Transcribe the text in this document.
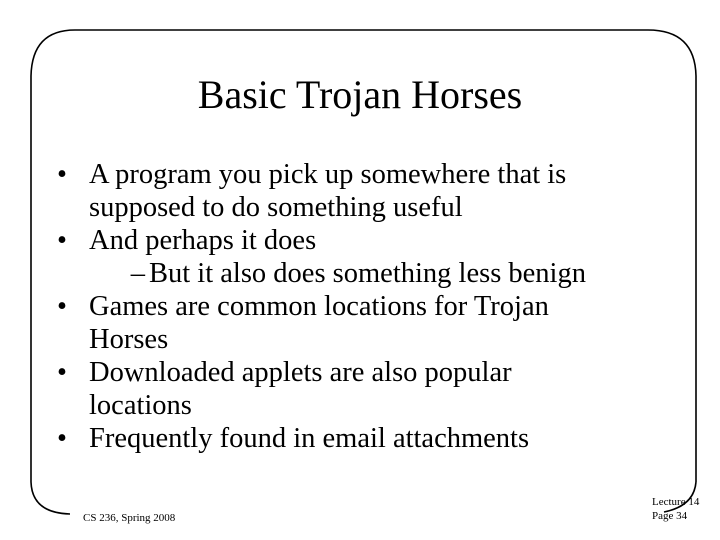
Basic Trojan Horses
• A program you pick up somewhere that is
supposed to do something useful
• And perhaps it does
– But it also does something less benign
• Games are common locations for Trojan
Horses
• Downloaded applets are also popular
locations
• Frequently found in email attachments
CS 236, Spring 2008
Lecture 14
Page 34
